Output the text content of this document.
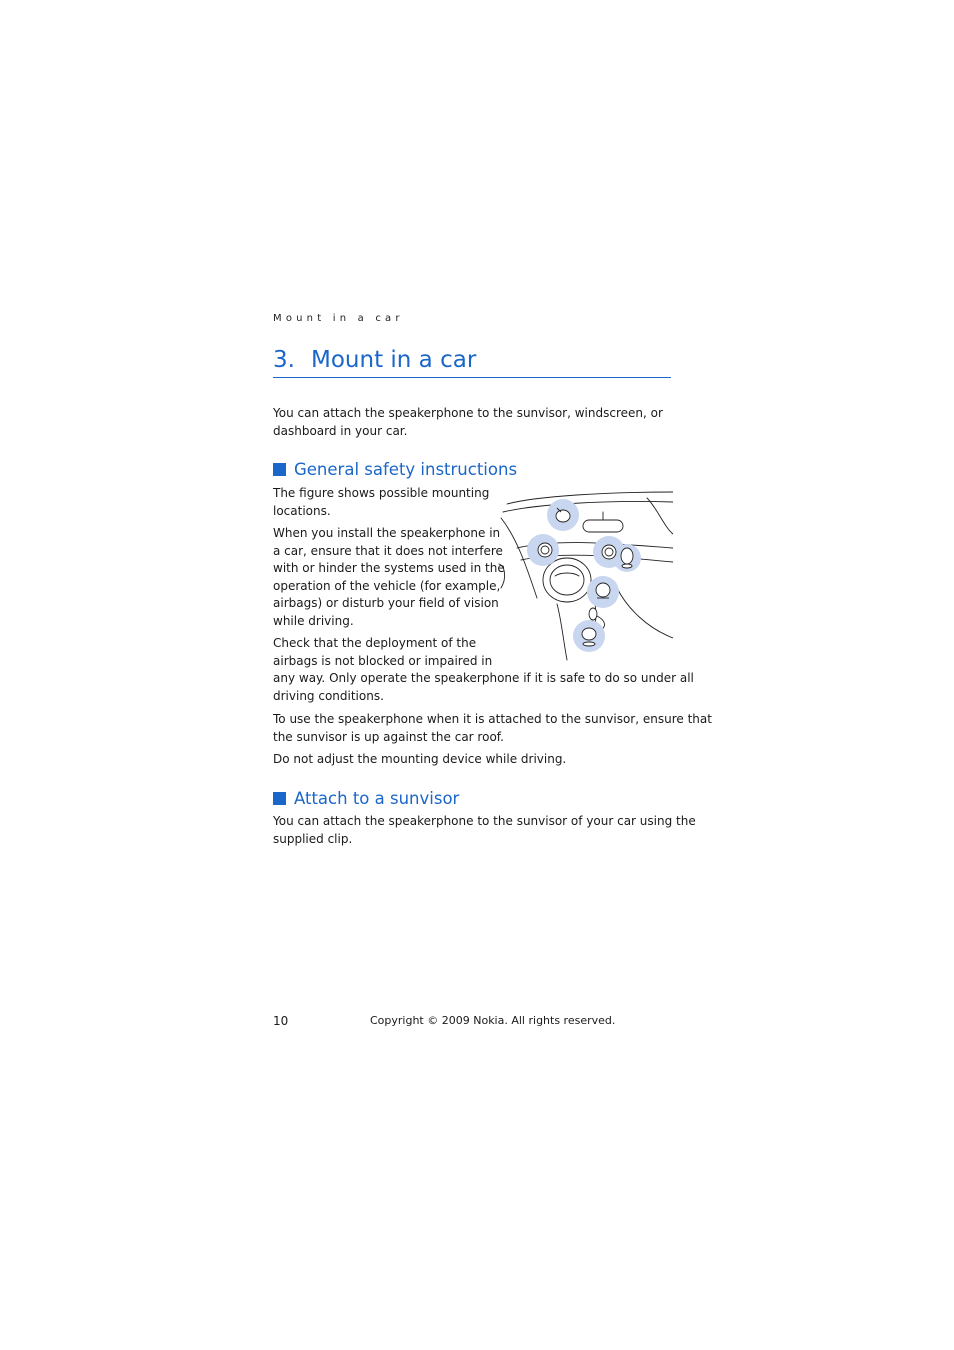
Mount in a car
3. Mount in a car

You can attach the speakerphone to the sunvisor, windscreen, or
dashboard in your car.

General safety instructions

The figure shows possible mounting
locations.

When you install the speakerphone in
a car, ensure that it does not interfere
with or hinder the systems used in the
operation of the vehicle (for example,
airbags) or disturb your field of vision
while driving.

Check that the deployment of the
airbags is not blocked or impaired in
any way. Only operate the speakerphone if it is safe to do so under all
driving conditions.

To use the speakerphone when it is attached to the sunvisor, ensure that
the sunvisor is up against the car roof.

Do not adjust the mounting device while driving.

Attach to a sunvisor

You can attach the speakerphone to the sunvisor of your car using the
supplied clip.

10	Copyright © 2009 Nokia. All rights reserved.
